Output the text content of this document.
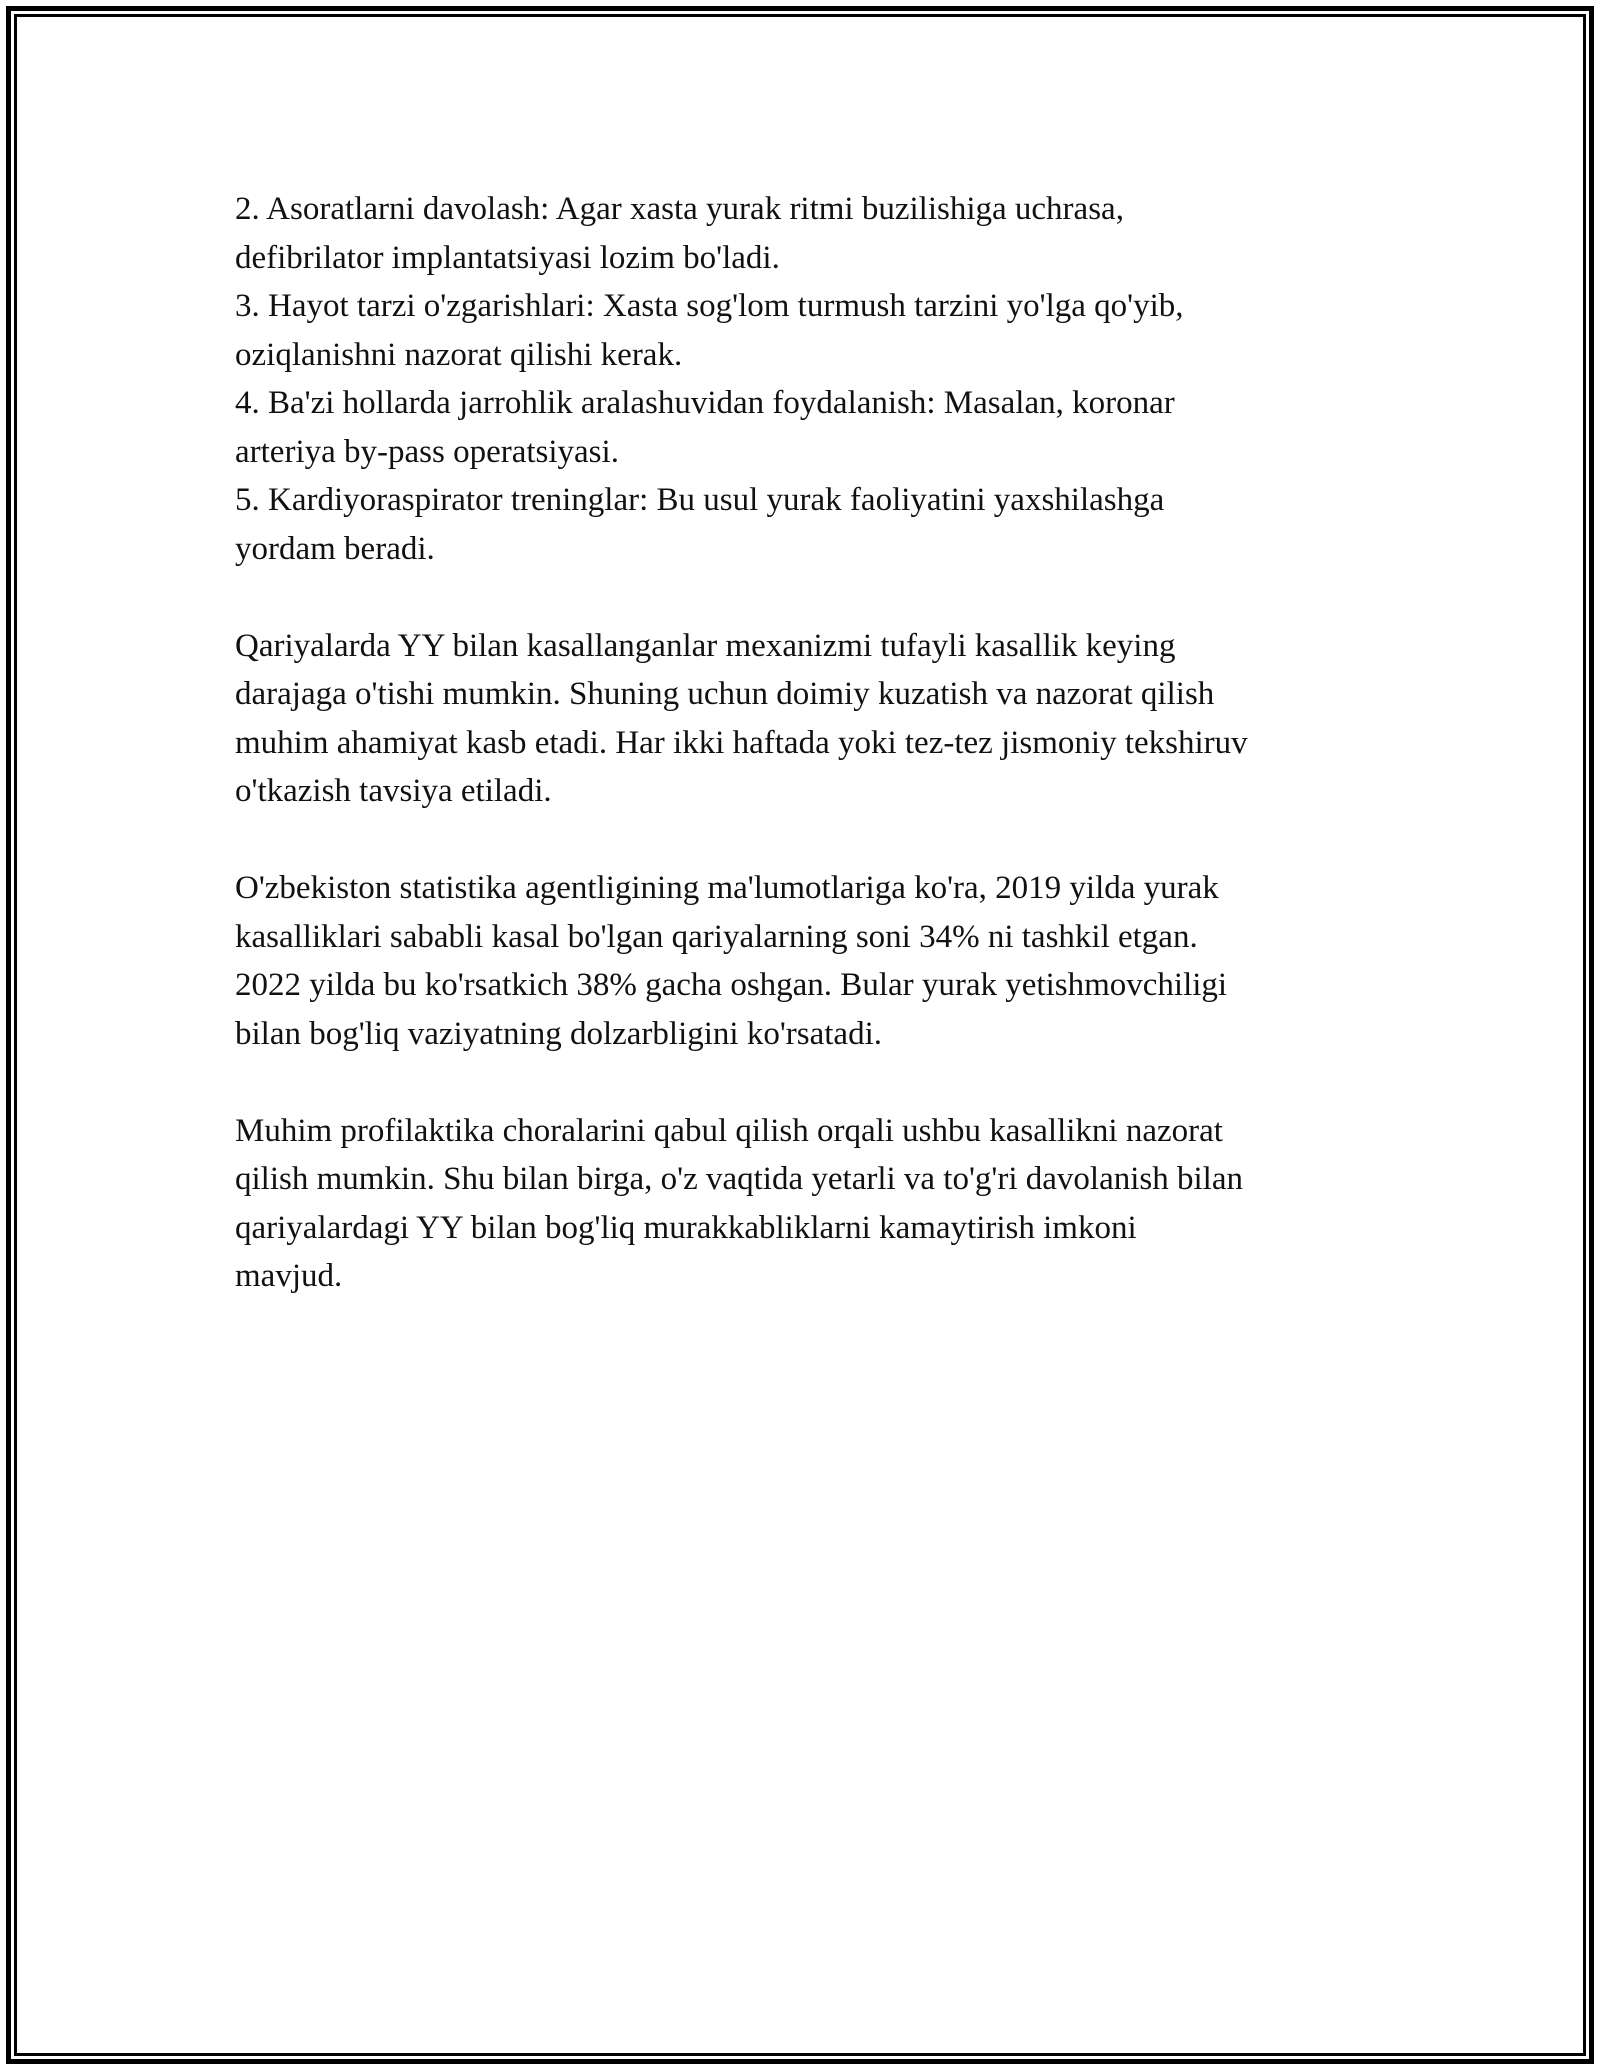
2. Asoratlarni davolash: Agar xasta yurak ritmi buzilishiga uchrasa,
defibrilator implantatsiyasi lozim bo'ladi.
3. Hayot tarzi o'zgarishlari: Xasta sog'lom turmush tarzini yo'lga qo'yib,
oziqlanishni nazorat qilishi kerak.
4. Ba'zi hollarda jarrohlik aralashuvidan foydalanish: Masalan, koronar
arteriya by-pass operatsiyasi.
5. Kardiyoraspirator treninglar: Bu usul yurak faoliyatini yaxshilashga
yordam beradi.
Qariyalarda YY bilan kasallanganlar mexanizmi tufayli kasallik keying
darajaga o'tishi mumkin. Shuning uchun doimiy kuzatish va nazorat qilish
muhim ahamiyat kasb etadi. Har ikki haftada yoki tez-tez jismoniy tekshiruv
o'tkazish tavsiya etiladi.
O'zbekiston statistika agentligining ma'lumotlariga ko'ra, 2019 yilda yurak
kasalliklari sababli kasal bo'lgan qariyalarning soni 34% ni tashkil etgan.
2022 yilda bu ko'rsatkich 38% gacha oshgan. Bular yurak yetishmovchiligi
bilan bog'liq vaziyatning dolzarbligini ko'rsatadi.
Muhim profilaktika choralarini qabul qilish orqali ushbu kasallikni nazorat
qilish mumkin. Shu bilan birga, o'z vaqtida yetarli va to'g'ri davolanish bilan
qariyalardagi YY bilan bog'liq murakkabliklarni kamaytirish imkoni
mavjud.
